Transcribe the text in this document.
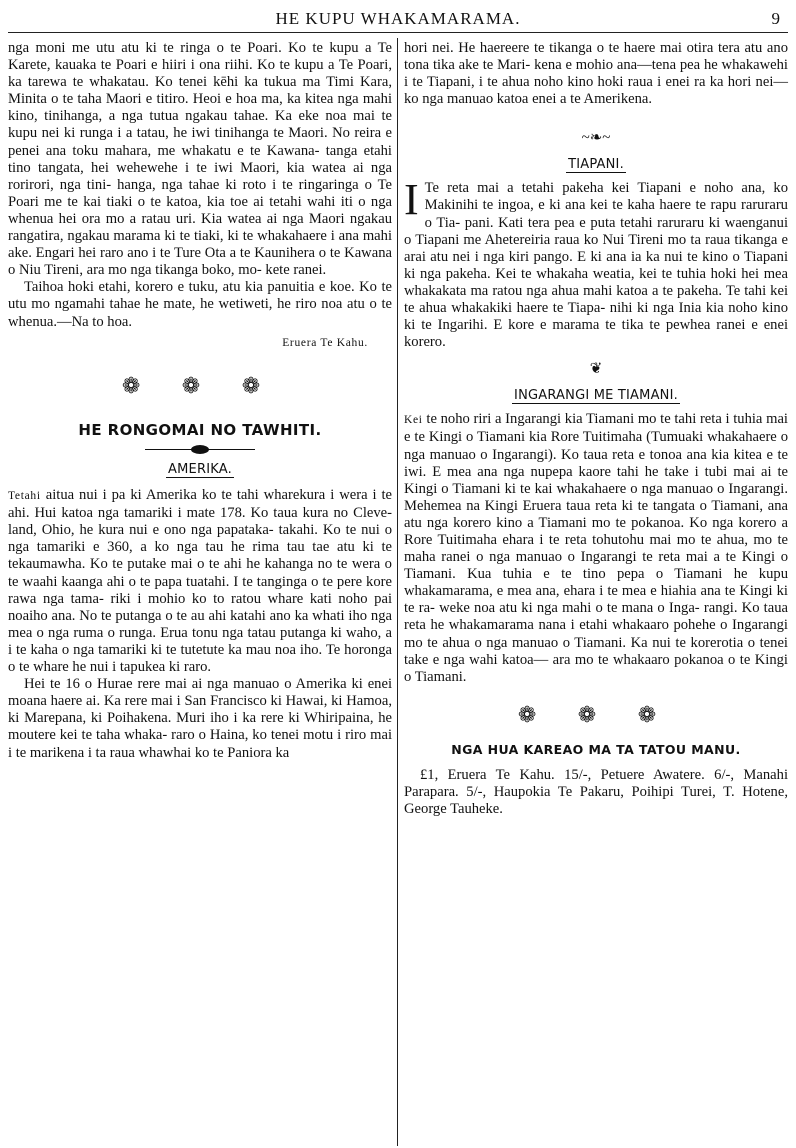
HE KUPU WHAKAMARAMA.	9

nga moni me utu atu ki te ringa o te Poari. Ko te kupu a Te Karete, kauaka te Poari e hiiri i ona riihi. Ko te kupu a Te Poari, ka tarewa te whakatau. Ko tenei kēhi ka tukua ma Timi Kara, Minita o te taha Maori e titiro. Heoi e hoa ma, ka kitea nga mahi kino, tinihanga, a nga tutua ngakau tahae. Ka eke noa mai te kupu nei ki runga i a tatau, he iwi tinihanga te Maori. No reira e penei ana toku mahara, me whakatu e te Kawana- tanga etahi tino tangata, hei wehewehe i te iwi Maori, kia watea ai nga rorirori, nga tini- hanga, nga tahae ki roto i te ringaringa o Te Poari me te kai tiaki o te katoa, kia toe ai tetahi wahi iti o nga whenua hei ora mo a ratau uri. Kia watea ai nga Maori ngakau rangatira, ngakau marama ki te tiaki, ki te whakahaere i ana mahi ake. Engari hei raro ano i te Ture Ota a te Kaunihera o te Kawana o Niu Tireni, ara mo nga tikanga boko, mo- kete ranei.

Taihoa hoki etahi, korero e tuku, atu kia panuitia e koe. Ko te utu mo ngamahi tahae he mate, he wetiweti, he riro noa atu o te whenua.—Na to hoa.

Eruera Te Kahu.
❁ ❁ ❁
HE RONGOMAI NO TAWHITI.
AMERIKA.

Tetahi aitua nui i pa ki Amerika ko te tahi wharekura i wera i te ahi. Hui katoa nga tamariki i mate 178. Ko taua kura no Cleve- land, Ohio, he kura nui e ono nga papataka- takahi. Ko te nui o nga tamariki e 360, a ko nga tau he rima tau tae atu ki te tekaumawha. Ko te putake mai o te ahi he kahanga no te wera o te waahi kaanga ahi o te papa tuatahi. I te tanginga o te pere kore rawa nga tama- riki i mohio ko to ratou whare kati noho pai noaiho ana. No te putanga o te au ahi katahi ano ka whati iho nga mea o nga ruma o runga. Erua tonu nga tatau putanga ki waho, a i te kaha o nga tamariki ki te tutetute ka mau noa iho. Te horonga o te whare he nui i tapukea ki raro.

Hei te 16 o Hurae rere mai ai nga manuao o Amerika ki enei moana haere ai. Ka rere mai i San Francisco ki Hawai, ki Hamoa, ki Marepana, ki Poihakena. Muri iho i ka rere ki Whiripaina, he moutere kei te taha whaka- raro o Haina, ko tenei motu i riro mai i te marikena i ta raua whawhai ko te Paniora ka

hori nei. He haereere te tikanga o te haere mai otira tera atu ano tona tika ake te Mari- kena e mohio ana—tena pea he whakawehi i te Tiapani, i te ahua noho kino hoki raua i enei ra ka hori nei—ko nga manuao katoa enei a te Amerikena.

~❧~
TIAPANI.

I Te reta mai a tetahi pakeha kei Tiapani e noho ana, ko Makinihi te ingoa, e ki ana kei te kaha haere te rapu raruraru o Tia- pani. Kati tera pea e puta tetahi raruraru ki waenganui o Tiapani me Ahetereiria raua ko Nui Tireni mo ta raua tikanga e arai atu nei i nga kiri pango. E ki ana ia ka nui te kino o Tiapani ki nga pakeha. Kei te whakaha weatia, kei te tuhia hoki hei mea whakakata ma ratou nga ahua mahi katoa a te pakeha. Te tahi kei te ahua whakakiki haere te Tiapa- nihi ki nga Inia kia noho kino ki te Ingarihi. E kore e marama te tika te pewhea ranei e enei korero.

❦
INGARANGI ME TIAMANI.

Kei te noho riri a Ingarangi kia Tiamani mo te tahi reta i tuhia mai e te Kingi o Tiamani kia Rore Tuitimaha (Tumuaki whakahaere o nga manuao o Ingarangi). Ko taua reta e tonoa ana kia kitea e te iwi. E mea ana nga nupepa kaore tahi he take i tubi mai ai te Kingi o Tiamani ki te kai whakahaere o nga manuao o Ingarangi. Mehemea na Kingi Eruera taua reta ki te tangata o Tiamani, ana atu nga korero kino a Tiamani mo te pokanoa. Ko nga korero a Rore Tuitimaha ehara i te reta tohutohu mai mo te ahua, mo te maha ranei o nga manuao o Ingarangi te reta mai a te Kingi o Tiamani. Kua tuhia e te tino pepa o Tiamani he kupu whakamarama, e mea ana, ehara i te mea e hiahia ana te Kingi ki te ra- weke noa atu ki nga mahi o te mana o Inga- rangi. Ko taua reta he whakamarama nana i etahi whakaaro pohehe o Ingarangi mo te ahua o nga manuao o Tiamani. Ka nui te korerotia o tenei take e nga wahi katoa— ara mo te whakaaro pokanoa o te Kingi o Tiamani.

❁ ❁ ❁
NGA HUA KAREAO MA TA TATOU MANU.

£1, Eruera Te Kahu. 15/-, Petuere Awatere. 6/-, Manahi Parapara. 5/-, Haupokia Te Pakaru, Poihipi Turei, T. Hotene, George Tauheke.
